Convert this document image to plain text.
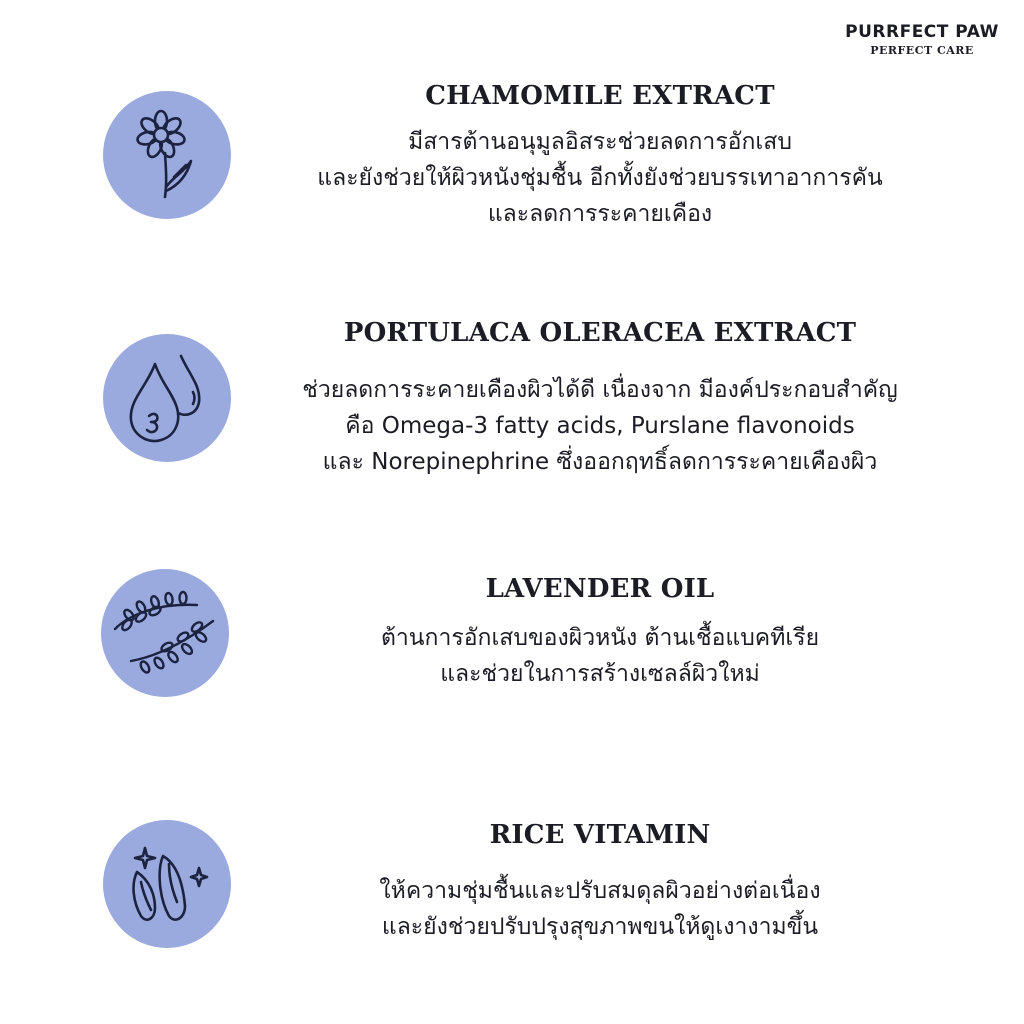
PURRFECT PAW
PERFECT CARE
CHAMOMILE EXTRACT
มีสารต้านอนุมูลอิสระช่วยลดการอักเสบ
และยังช่วยให้ผิวหนังชุ่มชื้น อีกทั้งยังช่วยบรรเทาอาการคัน
และลดการระคายเคือง
PORTULACA OLERACEA EXTRACT
ช่วยลดการระคายเคืองผิวได้ดี เนื่องจาก มีองค์ประกอบสำคัญ
คือ Omega-3 fatty acids, Purslane flavonoids
และ Norepinephrine ซึ่งออกฤทธิ์ลดการระคายเคืองผิว
LAVENDER OIL
ต้านการอักเสบของผิวหนัง ต้านเชื้อแบคทีเรีย
และช่วยในการสร้างเซลล์ผิวใหม่
RICE VITAMIN
ให้ความชุ่มชื้นและปรับสมดุลผิวอย่างต่อเนื่อง
และยังช่วยปรับปรุงสุขภาพขนให้ดูเงางามขึ้น
